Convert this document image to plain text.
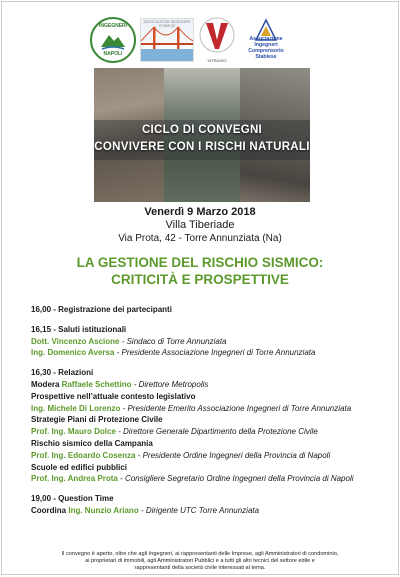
INGEGNERI
NAPOLI
ASSOCIAZIONE INGEGNERI STABIESE
VITRUVIO
Associazione Ingegneri
Comprensorio Stabiese
CICLO DI CONVEGNI
CONVIVERE CON I RISCHI NATURALI
Venerdì 9 Marzo 2018
Villa Tiberiade
Via Prota, 42 - Torre Annunziata (Na)
LA GESTIONE DEL RISCHIO SISMICO:
CRITICITÀ E PROSPETTIVE
16,00 - Registrazione dei partecipanti
16,15 - Saluti istituzionali
Dott. Vincenzo Ascione - Sindaco di Torre Annunziata
Ing. Domenico Aversa - Presidente Associazione Ingegneri di Torre Annunziata
16,30 - Relazioni
Modera Raffaele Schettino - Direttore Metropolis
Prospettive nell’attuale contesto legislativo
Ing. Michele Di Lorenzo - Presidente Emerito Associazione Ingegneri di Torre Annunziata
Strategie Piani di Protezione Civile
Prof. Ing. Mauro Dolce - Direttore Generale Dipartimento della Protezione Civile
Rischio sismico della Campania
Prof. Ing. Edoardo Cosenza - Presidente Ordine Ingegneri della Provincia di Napoli
Scuole ed edifici pubblici
Prof. Ing. Andrea Prota - Consigliere Segretario Ordine Ingegneri della Provincia di Napoli
19,00 - Question Time
Coordina Ing. Nunzio Ariano - Dirigente UTC Torre Annunziata
Il convegno è aperto, oltre che agli Ingegneri, ai rappresentanti delle Imprese, agli Amministratori di condominio,
ai proprietari di immobili, agli Amministratori Pubblici e a tutti gli altri tecnici del settore edile e
rappresentanti della società civile interessati al tema.
